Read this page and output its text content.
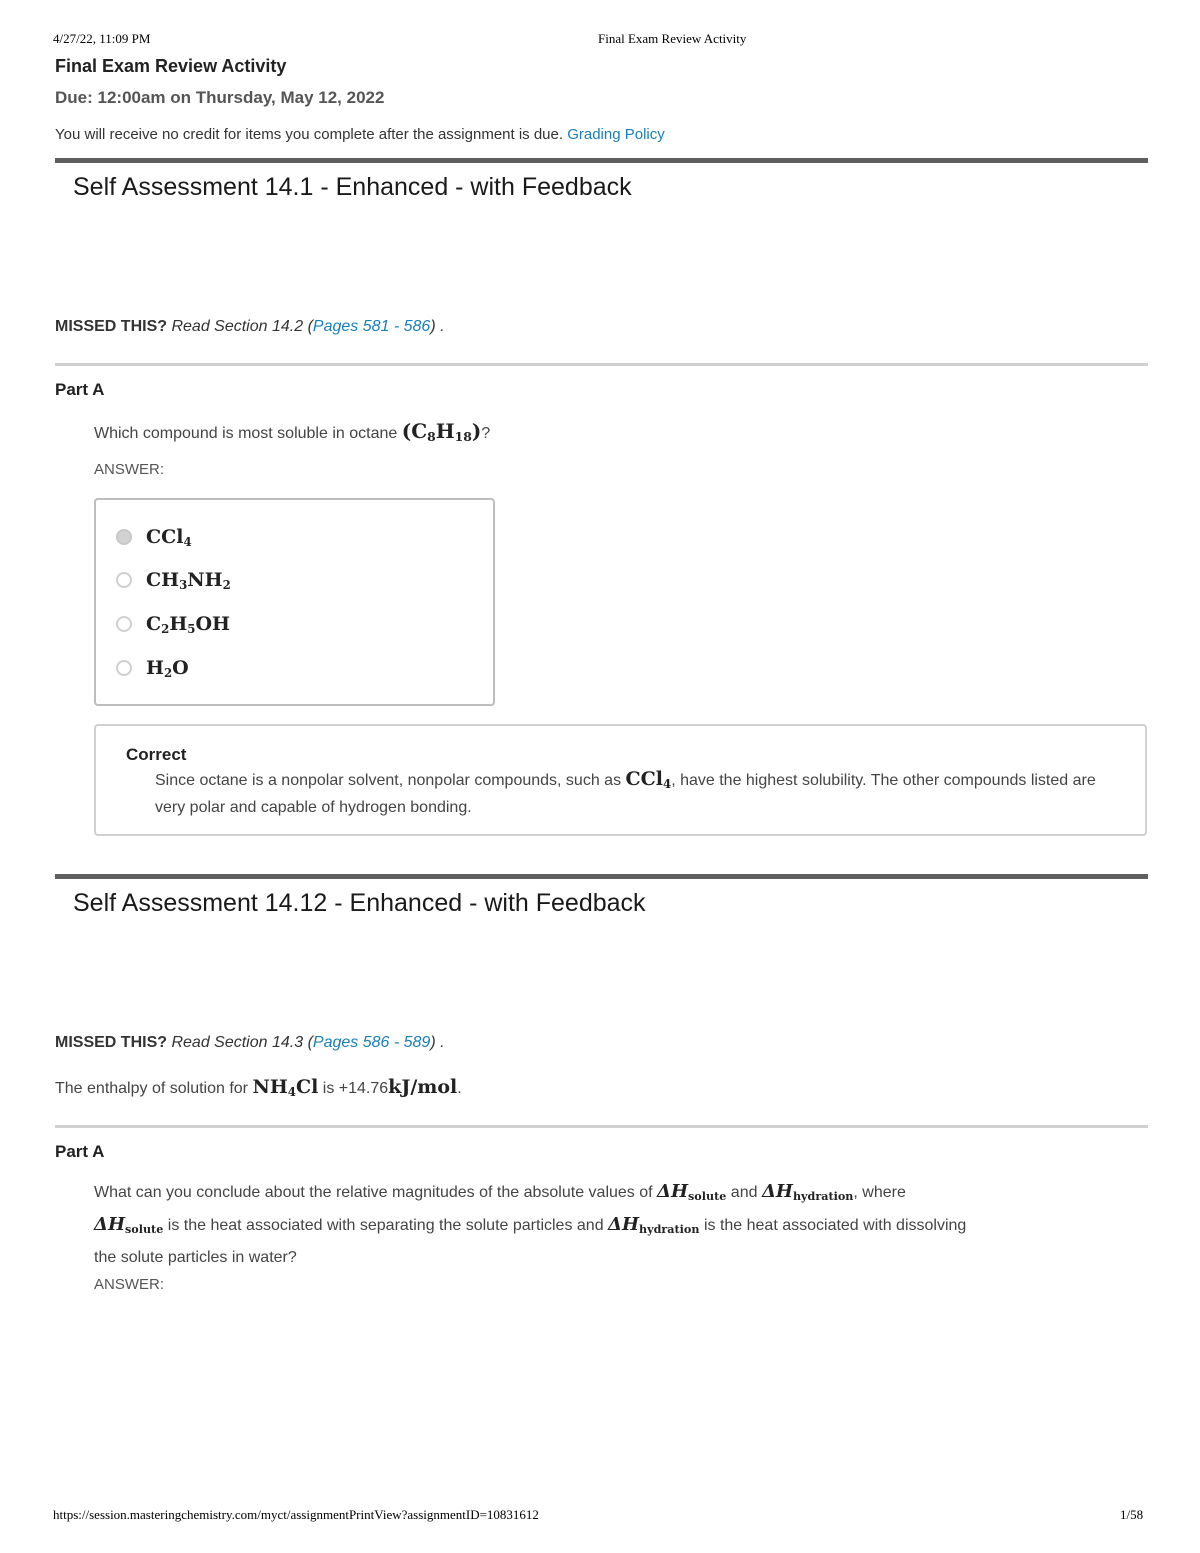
4/27/22, 11:09 PM	Final Exam Review Activity
Final Exam Review Activity
Due: 12:00am on Thursday, May 12, 2022
You will receive no credit for items you complete after the assignment is due. Grading Policy
Self Assessment 14.1 - Enhanced - with Feedback
MISSED THIS? Read Section 14.2 (Pages 581 - 586) .
Part A
Which compound is most soluble in octane $(C_8H_{18})$?
ANSWER:
CCl$_4$
$CH_3NH_2$
$C_2H_5OH$
$H_2O$
Correct
Since octane is a nonpolar solvent, nonpolar compounds, such as CCl$_4$, have the highest solubility. The other compounds listed are very polar and capable of hydrogen bonding.
Self Assessment 14.12 - Enhanced - with Feedback
MISSED THIS? Read Section 14.3 (Pages 586 - 589) .
The enthalpy of solution for $NH_4Cl$ is +14.76kJ/mol.
Part A
What can you conclude about the relative magnitudes of the absolute values of $\Delta H_{solute}$ and $\Delta H_{hydration}$, where
$\Delta H_{solute}$ is the heat associated with separating the solute particles and $\Delta H_{hydration}$ is the heat associated with dissolving
the solute particles in water?
ANSWER:
https://session.masteringchemistry.com/myct/assignmentPrintView?assignmentID=10831612	1/58
